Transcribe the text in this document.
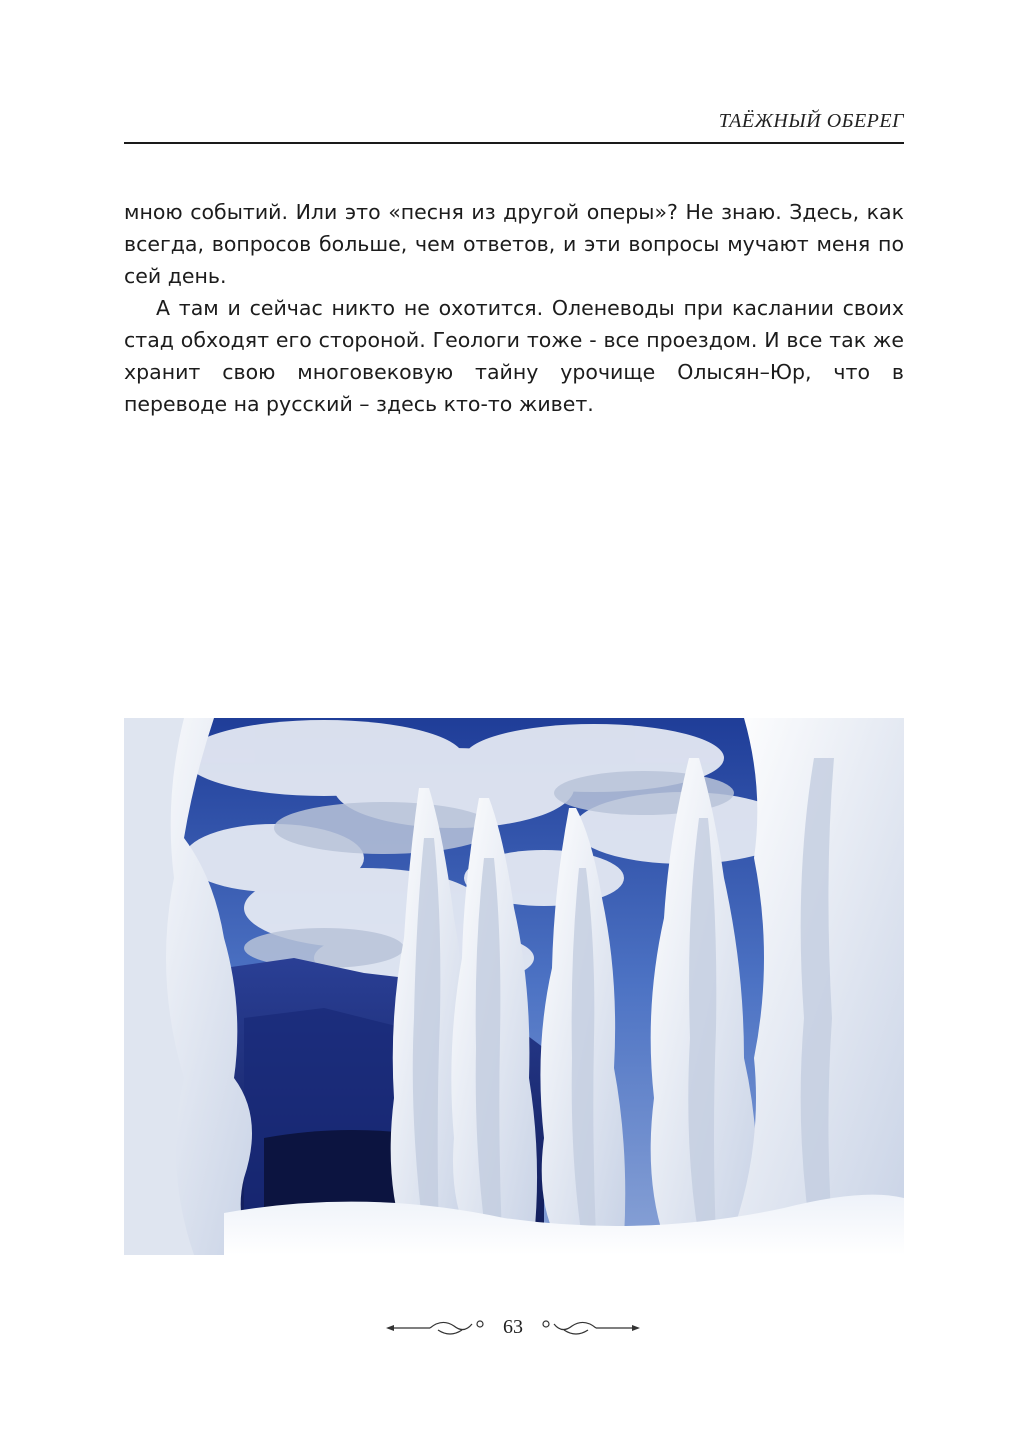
ТАЁЖНЫЙ ОБЕРЕГ

мною событий. Или это «песня из другой оперы»? Не знаю. Здесь, как всегда, вопросов больше, чем ответов, и эти вопросы мучают меня по сей день.

А там и сейчас никто не охотится. Оленеводы при каслании своих стад обходят его стороной. Геологи тоже - все проездом. И все так же хранит свою многовековую тайну урочище Олысян–Юр, что в переводе на русский – здесь кто-то живет.

63
